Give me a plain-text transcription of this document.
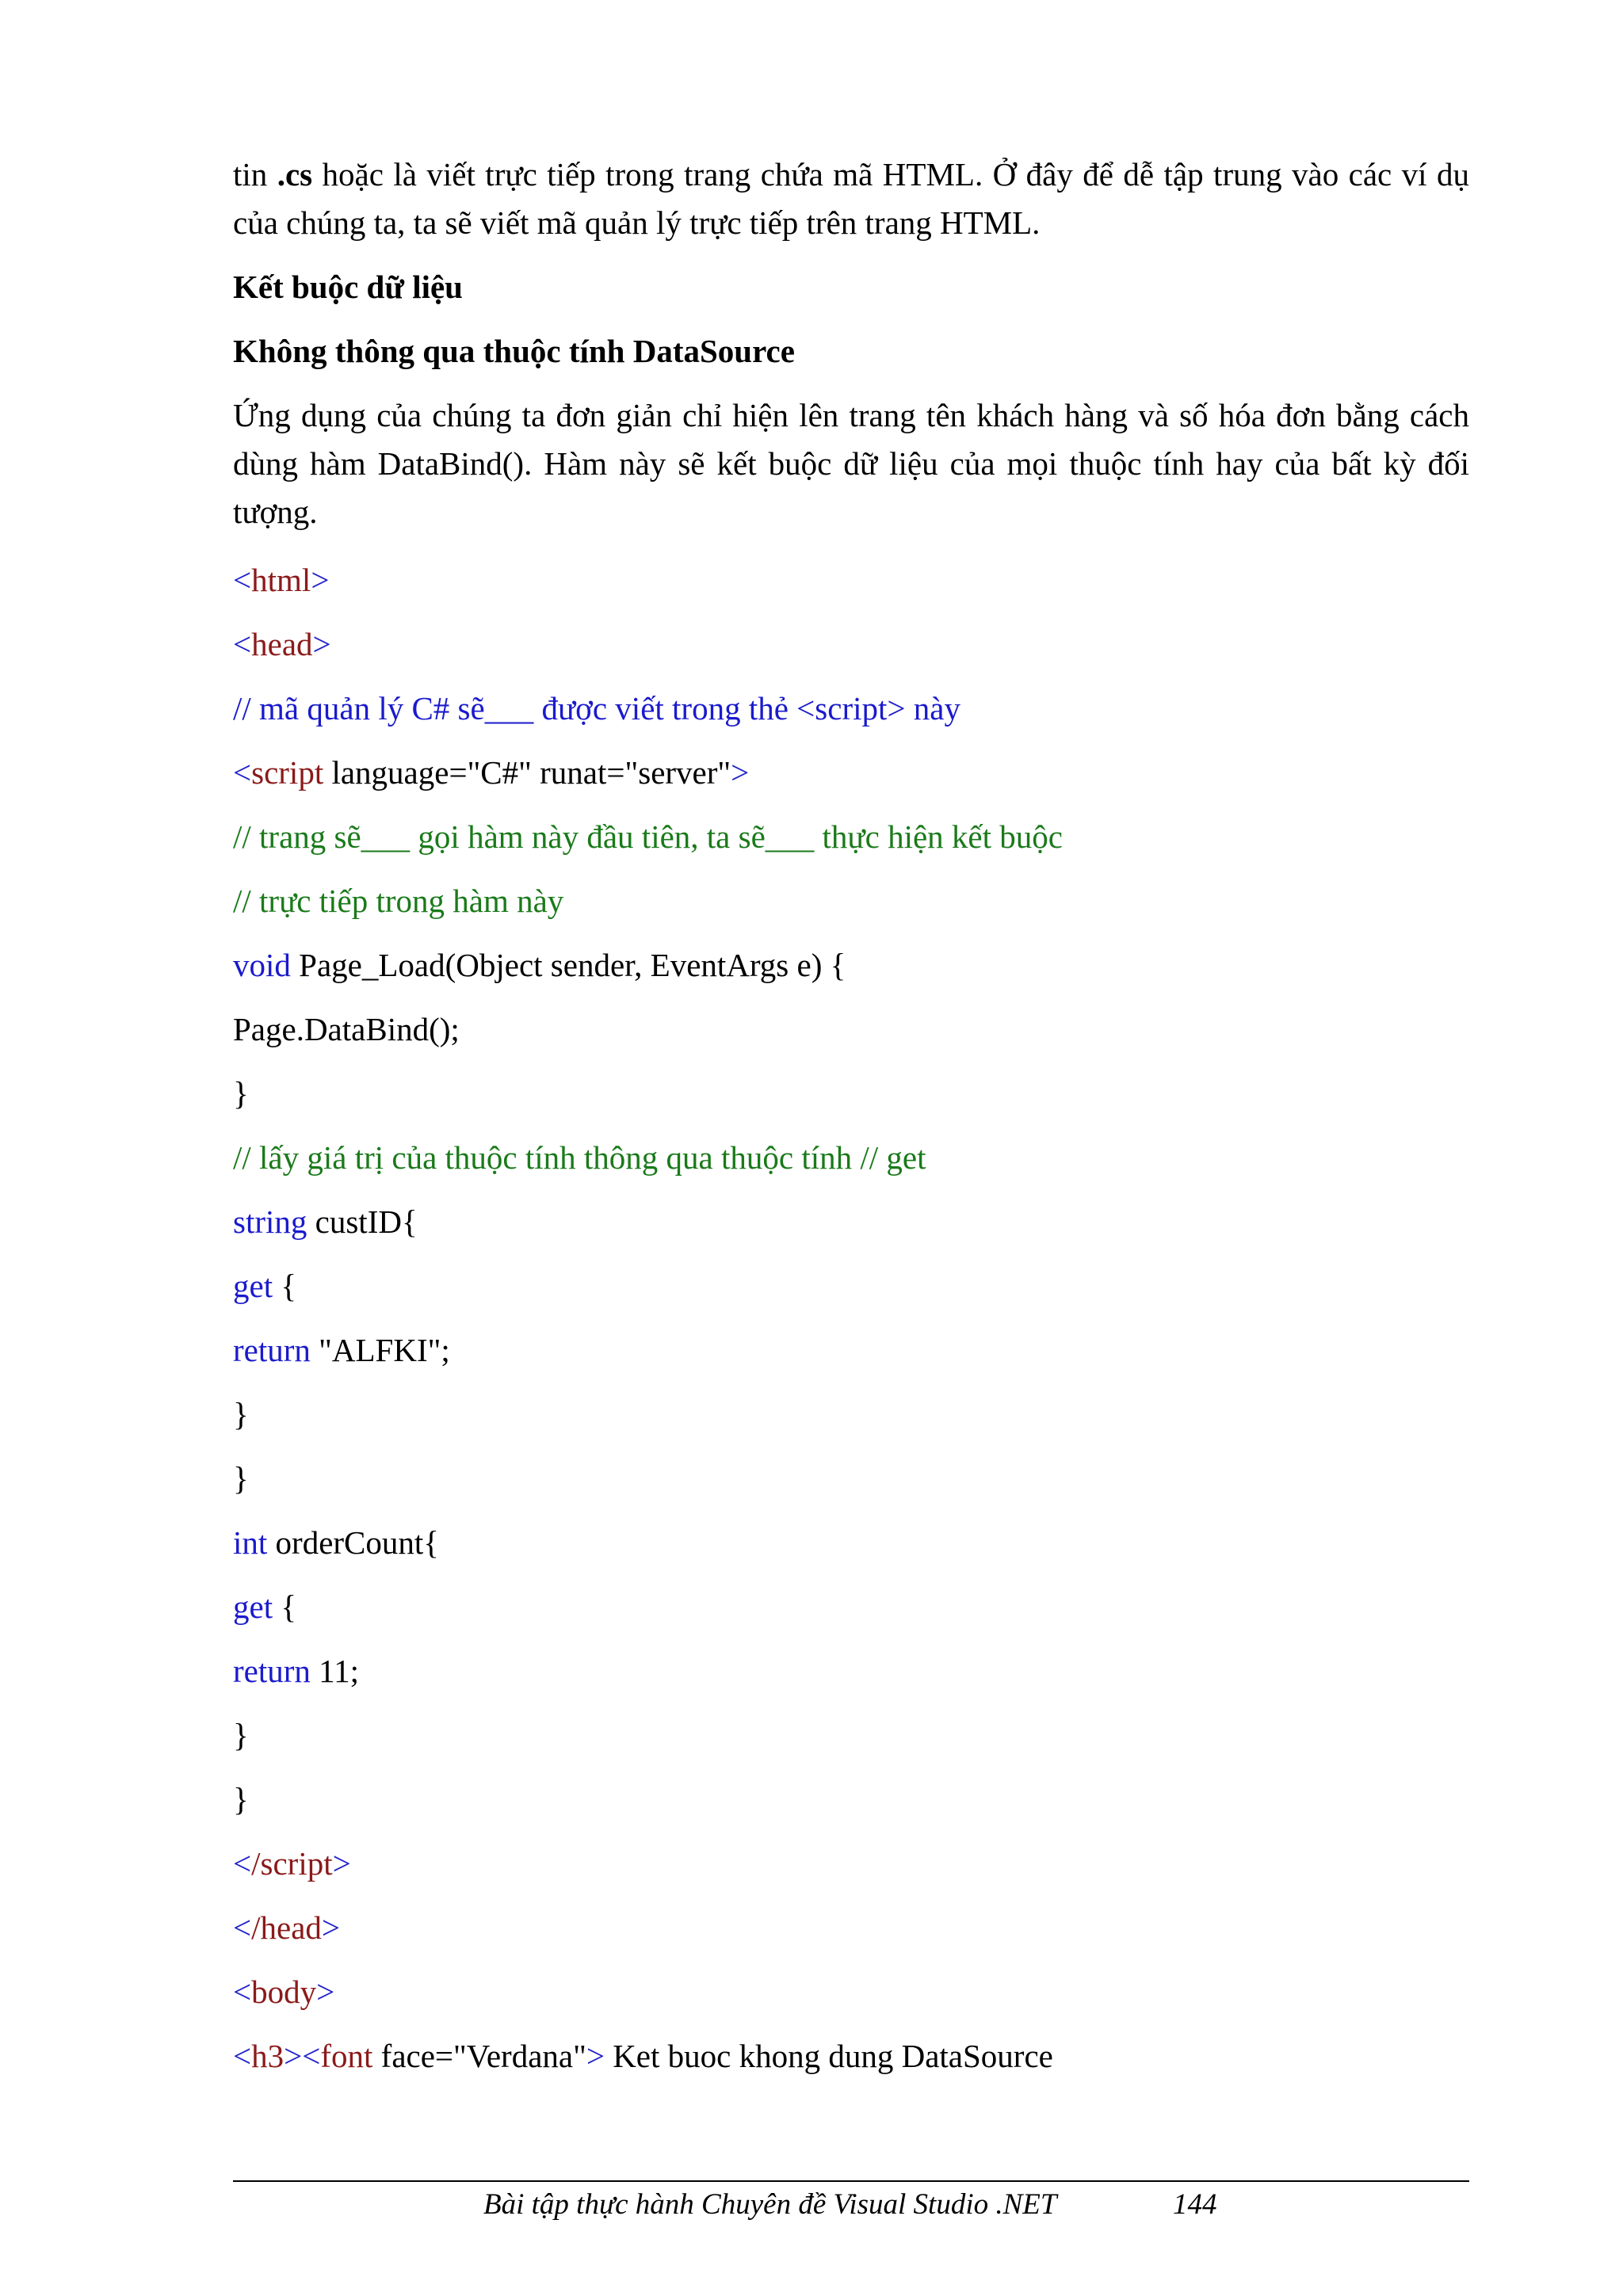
tin .cs hoặc là viết trực tiếp trong trang chứa mã HTML. Ở đây để dễ tập trung vào các ví dụ của chúng ta, ta sẽ viết mã quản lý trực tiếp trên trang HTML.

Kết buộc dữ liệu
Không thông qua thuộc tính DataSource

Ứng dụng của chúng ta đơn giản chỉ hiện lên trang tên khách hàng và số hóa đơn bằng cách dùng hàm DataBind(). Hàm này sẽ kết buộc dữ liệu của mọi thuộc tính hay của bất kỳ đối tượng.

<html>
<head>
// mã quản lý C# sẽ___ được viết trong thẻ <script> này
<script language="C#" runat="server">
// trang sẽ___ gọi hàm này đầu tiên, ta sẽ___ thực hiện kết buộc
// trực tiếp trong hàm này
void Page_Load(Object sender, EventArgs e) {
Page.DataBind();
}
// lấy giá trị của thuộc tính thông qua thuộc tính // get
string custID{
get {
return "ALFKI";
}
}
int orderCount{
get {
return 11;
}
}
</script>
</head>
<body>
<h3><font face="Verdana"> Ket buoc khong dung DataSource
Bài tập thực hành Chuyên đề Visual Studio .NET	144
